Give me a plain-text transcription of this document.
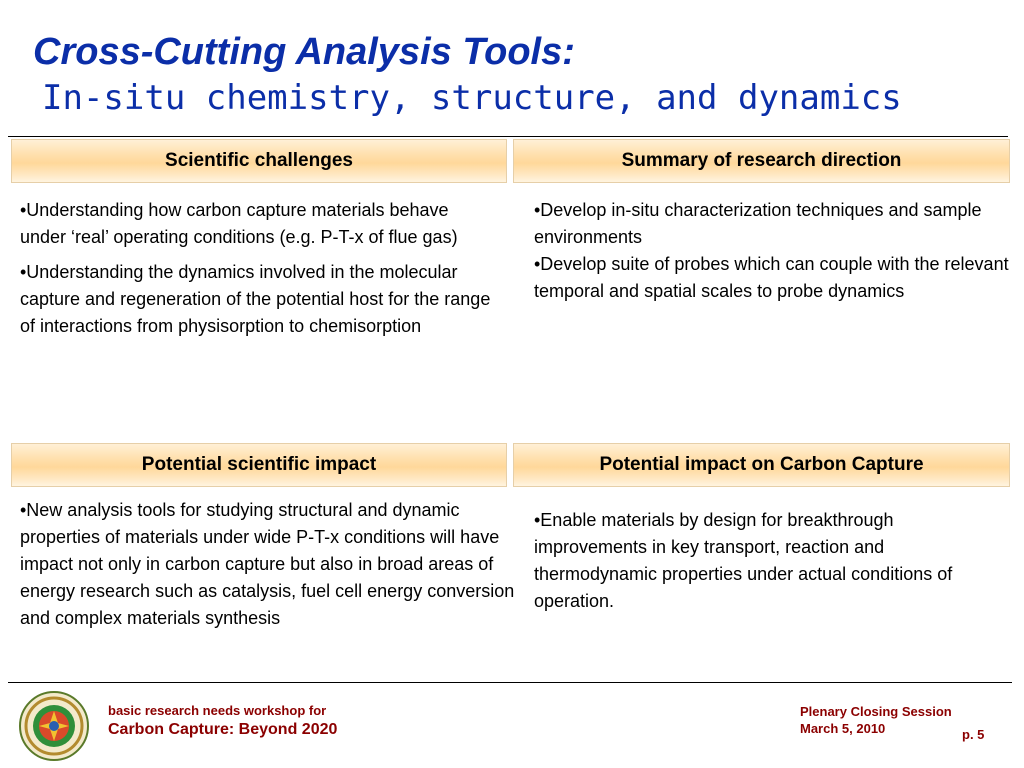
Cross-Cutting Analysis Tools:
In-situ chemistry, structure, and dynamics
Scientific challenges	Summary of research direction
Potential scientific impact	Potential impact on Carbon Capture

•Understanding how carbon capture materials behave under ‘real’ operating conditions (e.g. P-T-x of flue gas)

•Understanding the dynamics involved in the molecular capture and regeneration of the potential host for the range of interactions from physisorption to chemisorption

•Develop in-situ characterization techniques and sample environments

•Develop suite of probes which can couple with the relevant temporal and spatial scales to probe dynamics

•New analysis tools for studying structural and dynamic properties of materials under wide P-T-x conditions will have impact not only in carbon capture but also in broad areas of energy research such as catalysis, fuel cell energy conversion and complex materials synthesis

•Enable materials by design for breakthrough improvements in key transport, reaction and thermodynamic properties under actual conditions of operation.

basic research needs workshop for
Carbon Capture: Beyond 2020
Plenary Closing Session
March 5, 2010	p. 5
